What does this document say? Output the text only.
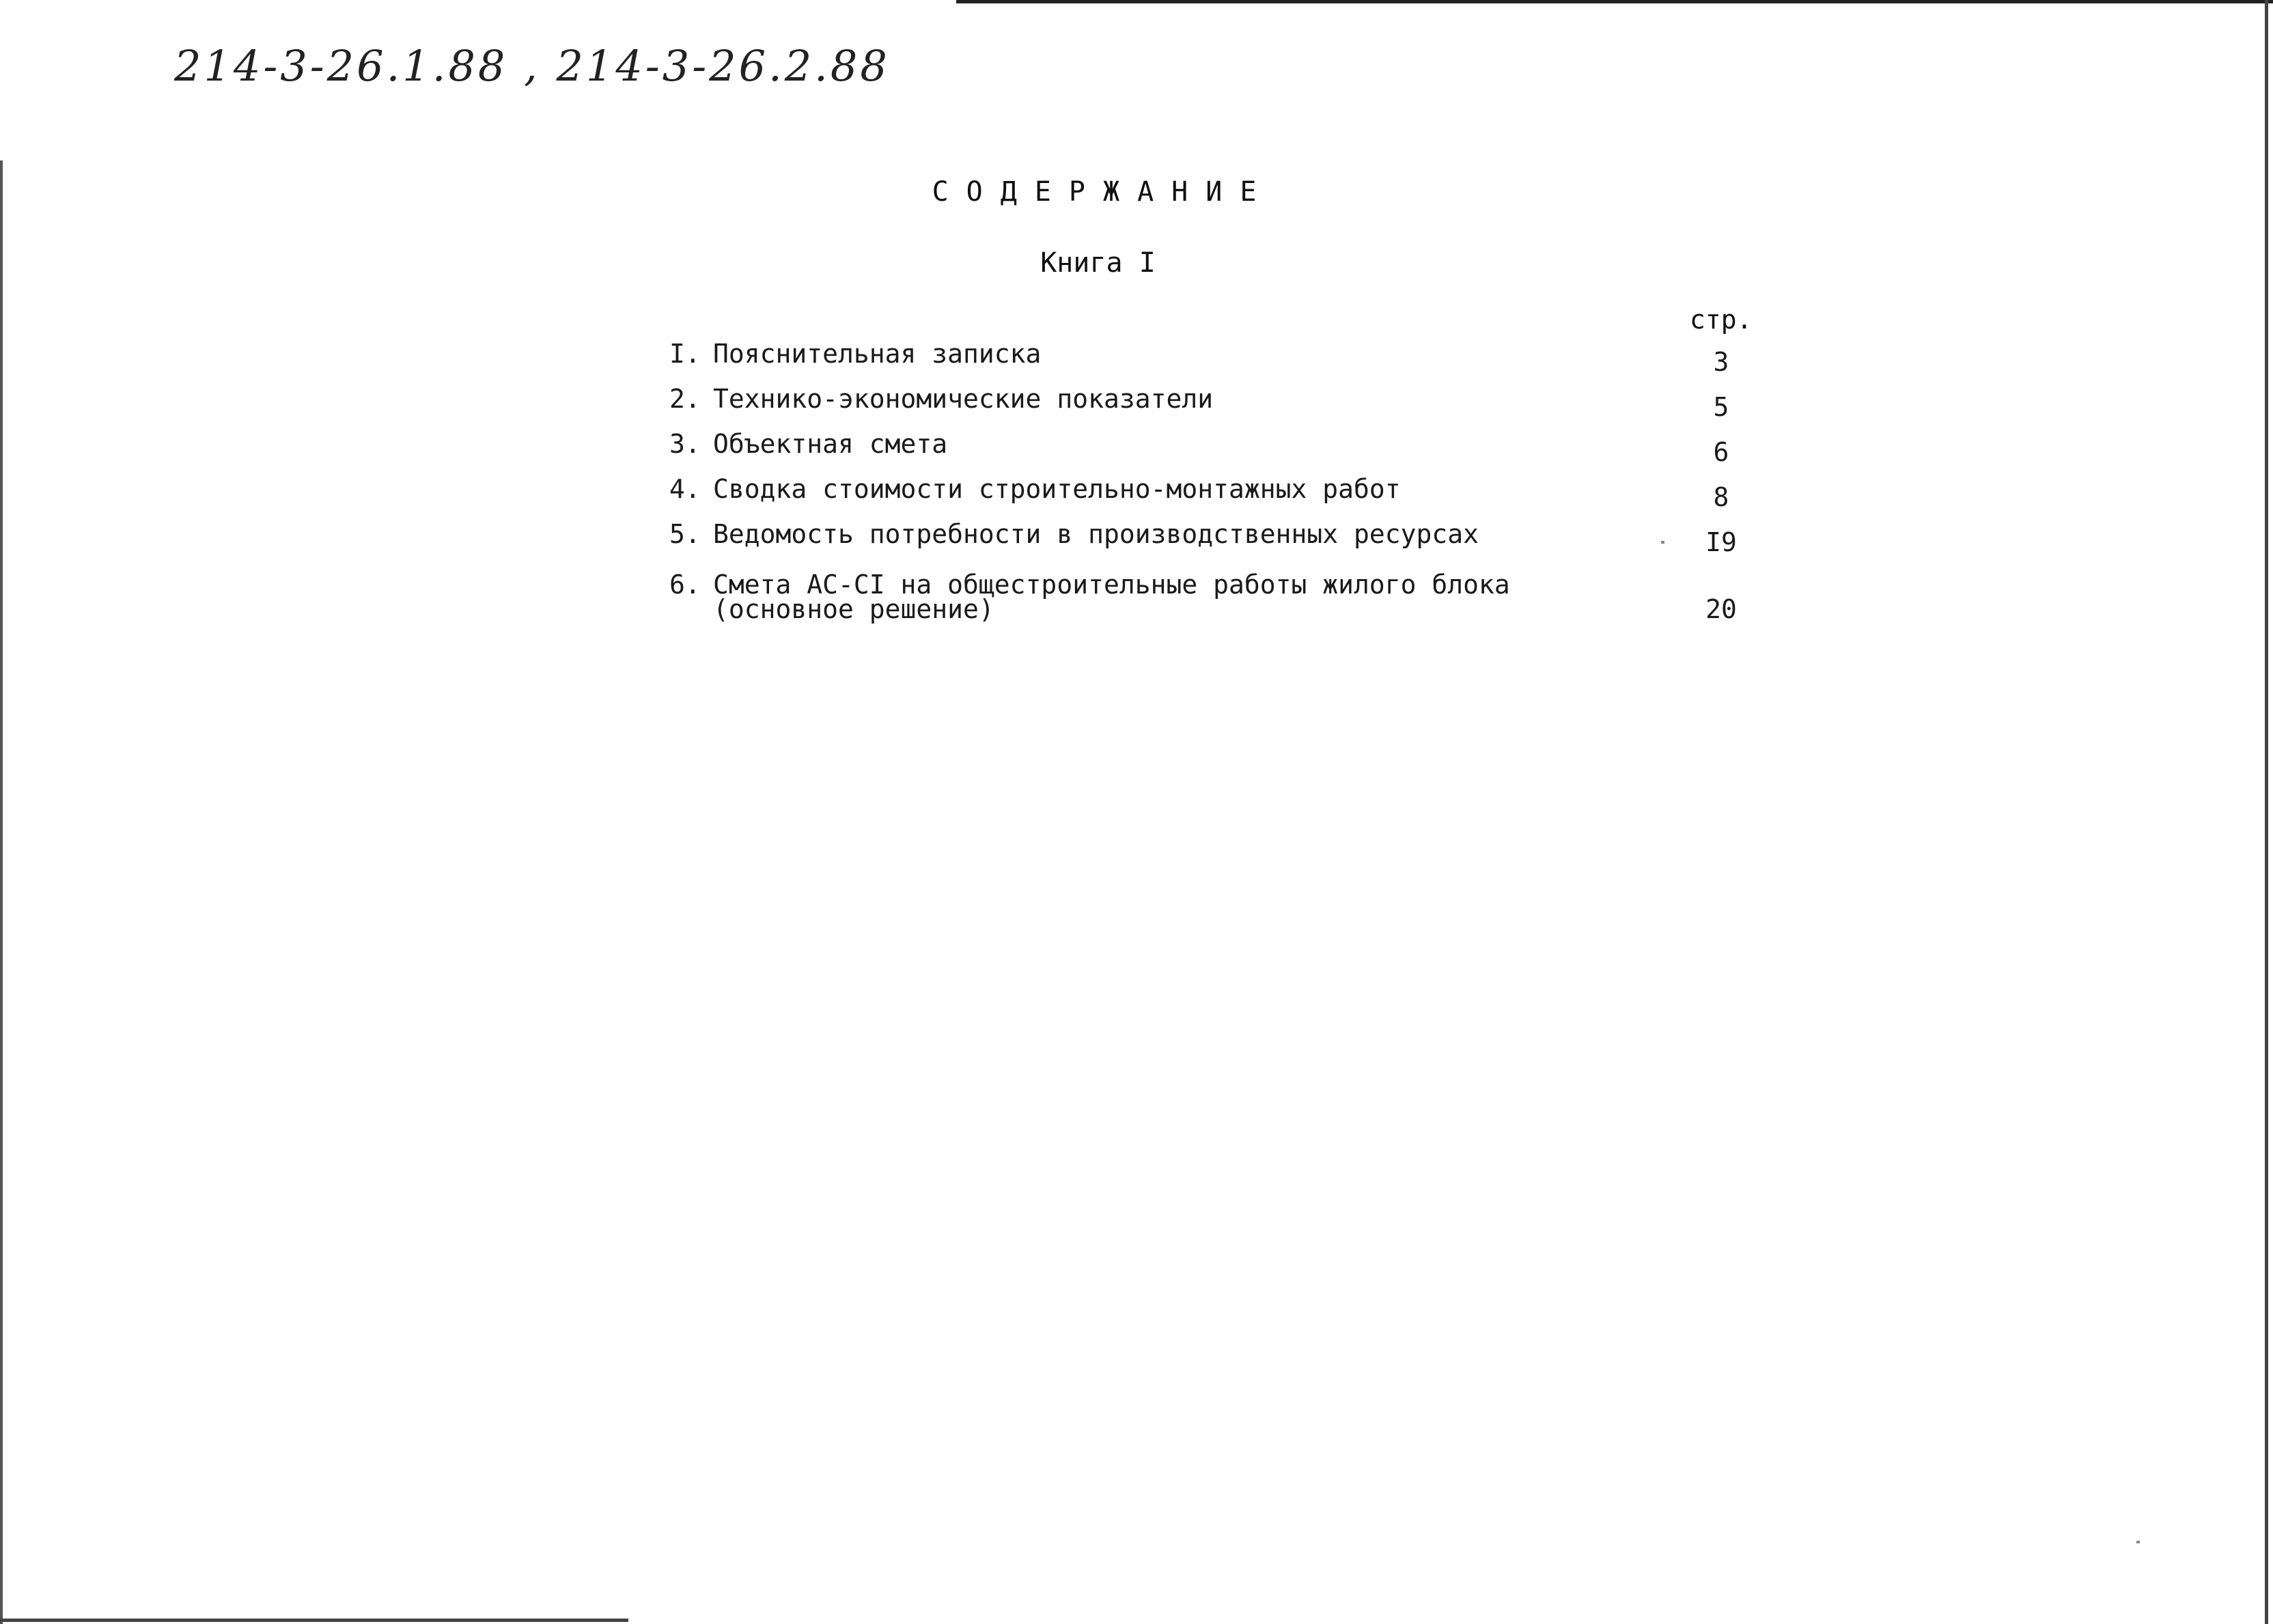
214-3-26.1.88 , 214-3-26.2.88
СОДЕРЖАНИЕ
Книга I
стр.
I. Пояснительная записка	3
2. Технико-экономические показатели	5
3. Объектная смета	6
4. Сводка стоимости строительно-монтажных работ	8
5. Ведомость потребности в производственных ресурсах	I9
6. Смета АС-СI на общестроительные работы жилого блока
(основное решение)	20
